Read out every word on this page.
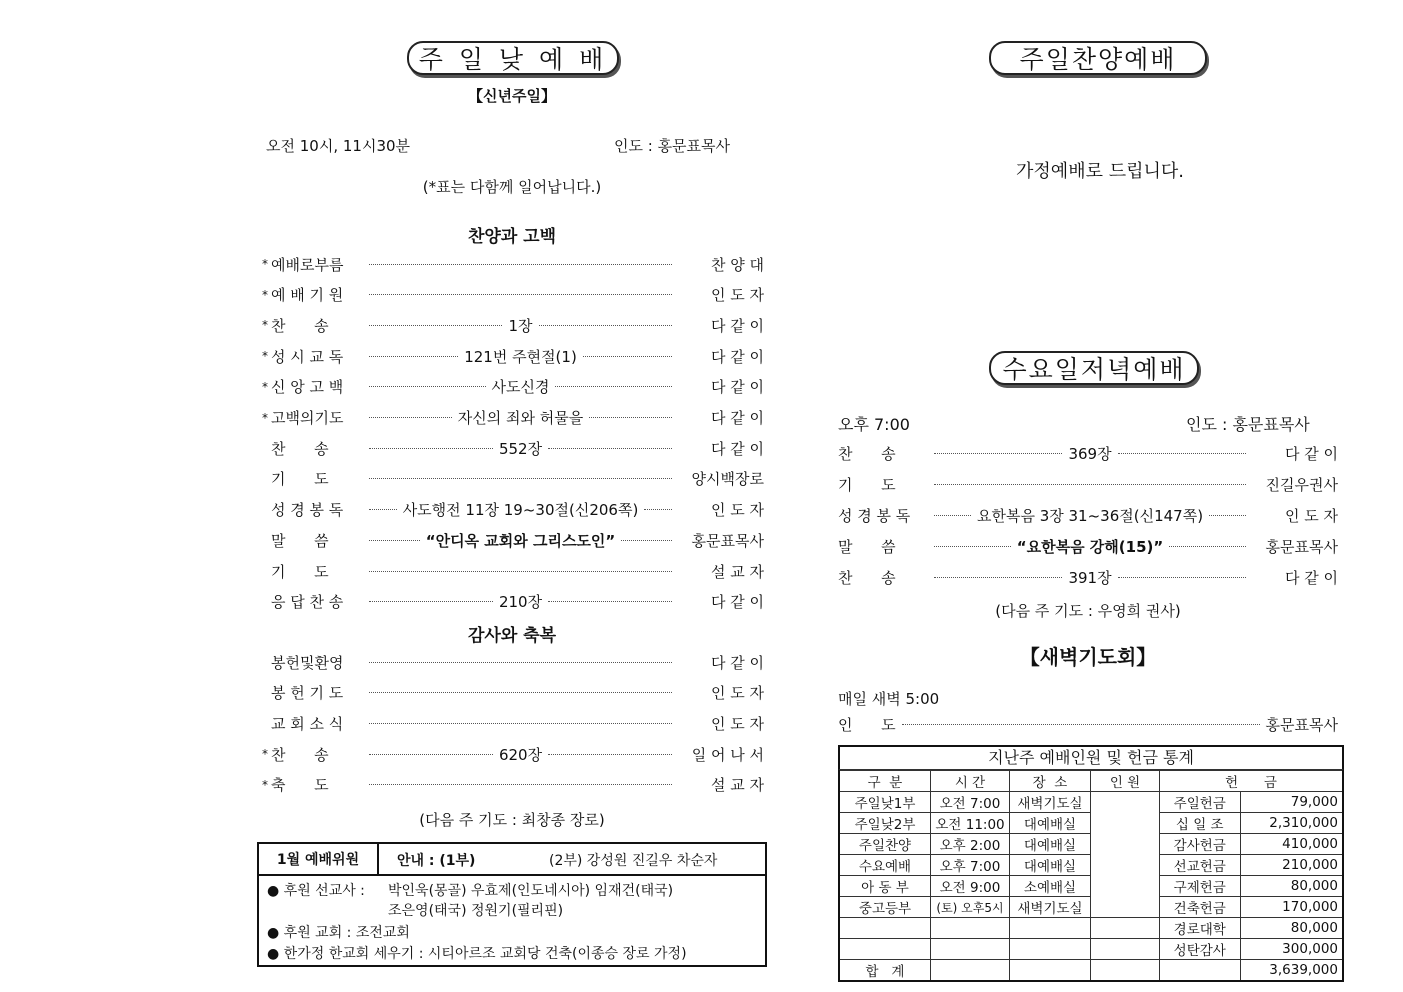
주 일 낮 예 배
【신년주일】
오전 10시, 11시30분	인도 : 홍문표목사
(*표는 다함께 일어납니다.)
찬양과 고백
* 예배로부름	찬 양 대
* 예 배 기 원	인 도 자
* 찬      송	1장	다 같 이
* 성 시 교 독	121번 주현절(1)	다 같 이
* 신 앙 고 백	사도신경	다 같 이
* 고백의기도	자신의 죄와 허물을	다 같 이
찬      송	552장	다 같 이
기      도	양시백장로
성 경 봉 독	사도행전 11장 19~30절(신206쪽)	인 도 자
말      씀	“안디옥 교회와 그리스도인”	홍문표목사
기      도	설 교 자
응 답 찬 송	210장	다 같 이
감사와 축복
봉헌및환영	다 같 이
봉 헌 기 도	인 도 자
교 회 소 식	인 도 자
* 찬      송	620장	일 어 나 서
* 축      도	설 교 자
(다음 주 기도 : 최창종 장로)
1월 예배위원	안내 : (1부)	(2부) 강성원 진길우 차순자
● 후원 선교사 : 박인욱(몽골) 우효제(인도네시아) 임재건(태국)
조은영(태국) 정원기(필리핀)
● 후원 교회 : 조전교회
● 한가정 한교회 세우기 : 시티아르조 교회당 건축(이종승 장로 가정)
주일찬양예배
가정예배로 드립니다.
수요일저녁예배
오후 7:00	인도 : 홍문표목사
찬      송	369장	다 같 이
기      도	진길우권사
성 경 봉 독	요한복음 3장 31~36절(신147쪽)	인 도 자
말      씀	“요한복음 강해(15)”	홍문표목사
찬      송	391장	다 같 이
(다음 주 기도 : 우영희 권사)
【새벽기도회】
매일 새벽 5:00
인      도	홍문표목사
지난주 예배인원 및 헌금 통계
구  분	시 간	장  소	인 원	헌      금	
주일낮1부	오전 7:00	새벽기도실		주일헌금	79,000
주일낮2부	오전 11:00	대예배실		십 일 조	2,310,000
주일찬양	오후 2:00	대예배실		감사헌금	410,000
수요예배	오후 7:00	대예배실		선교헌금	210,000
아 동 부	오전 9:00	소예배실		구제헌금	80,000
중고등부	(토) 오후5시	새벽기도실		건축헌금	170,000
				경로대학	80,000
				성탄감사	300,000
합   계					3,639,000
